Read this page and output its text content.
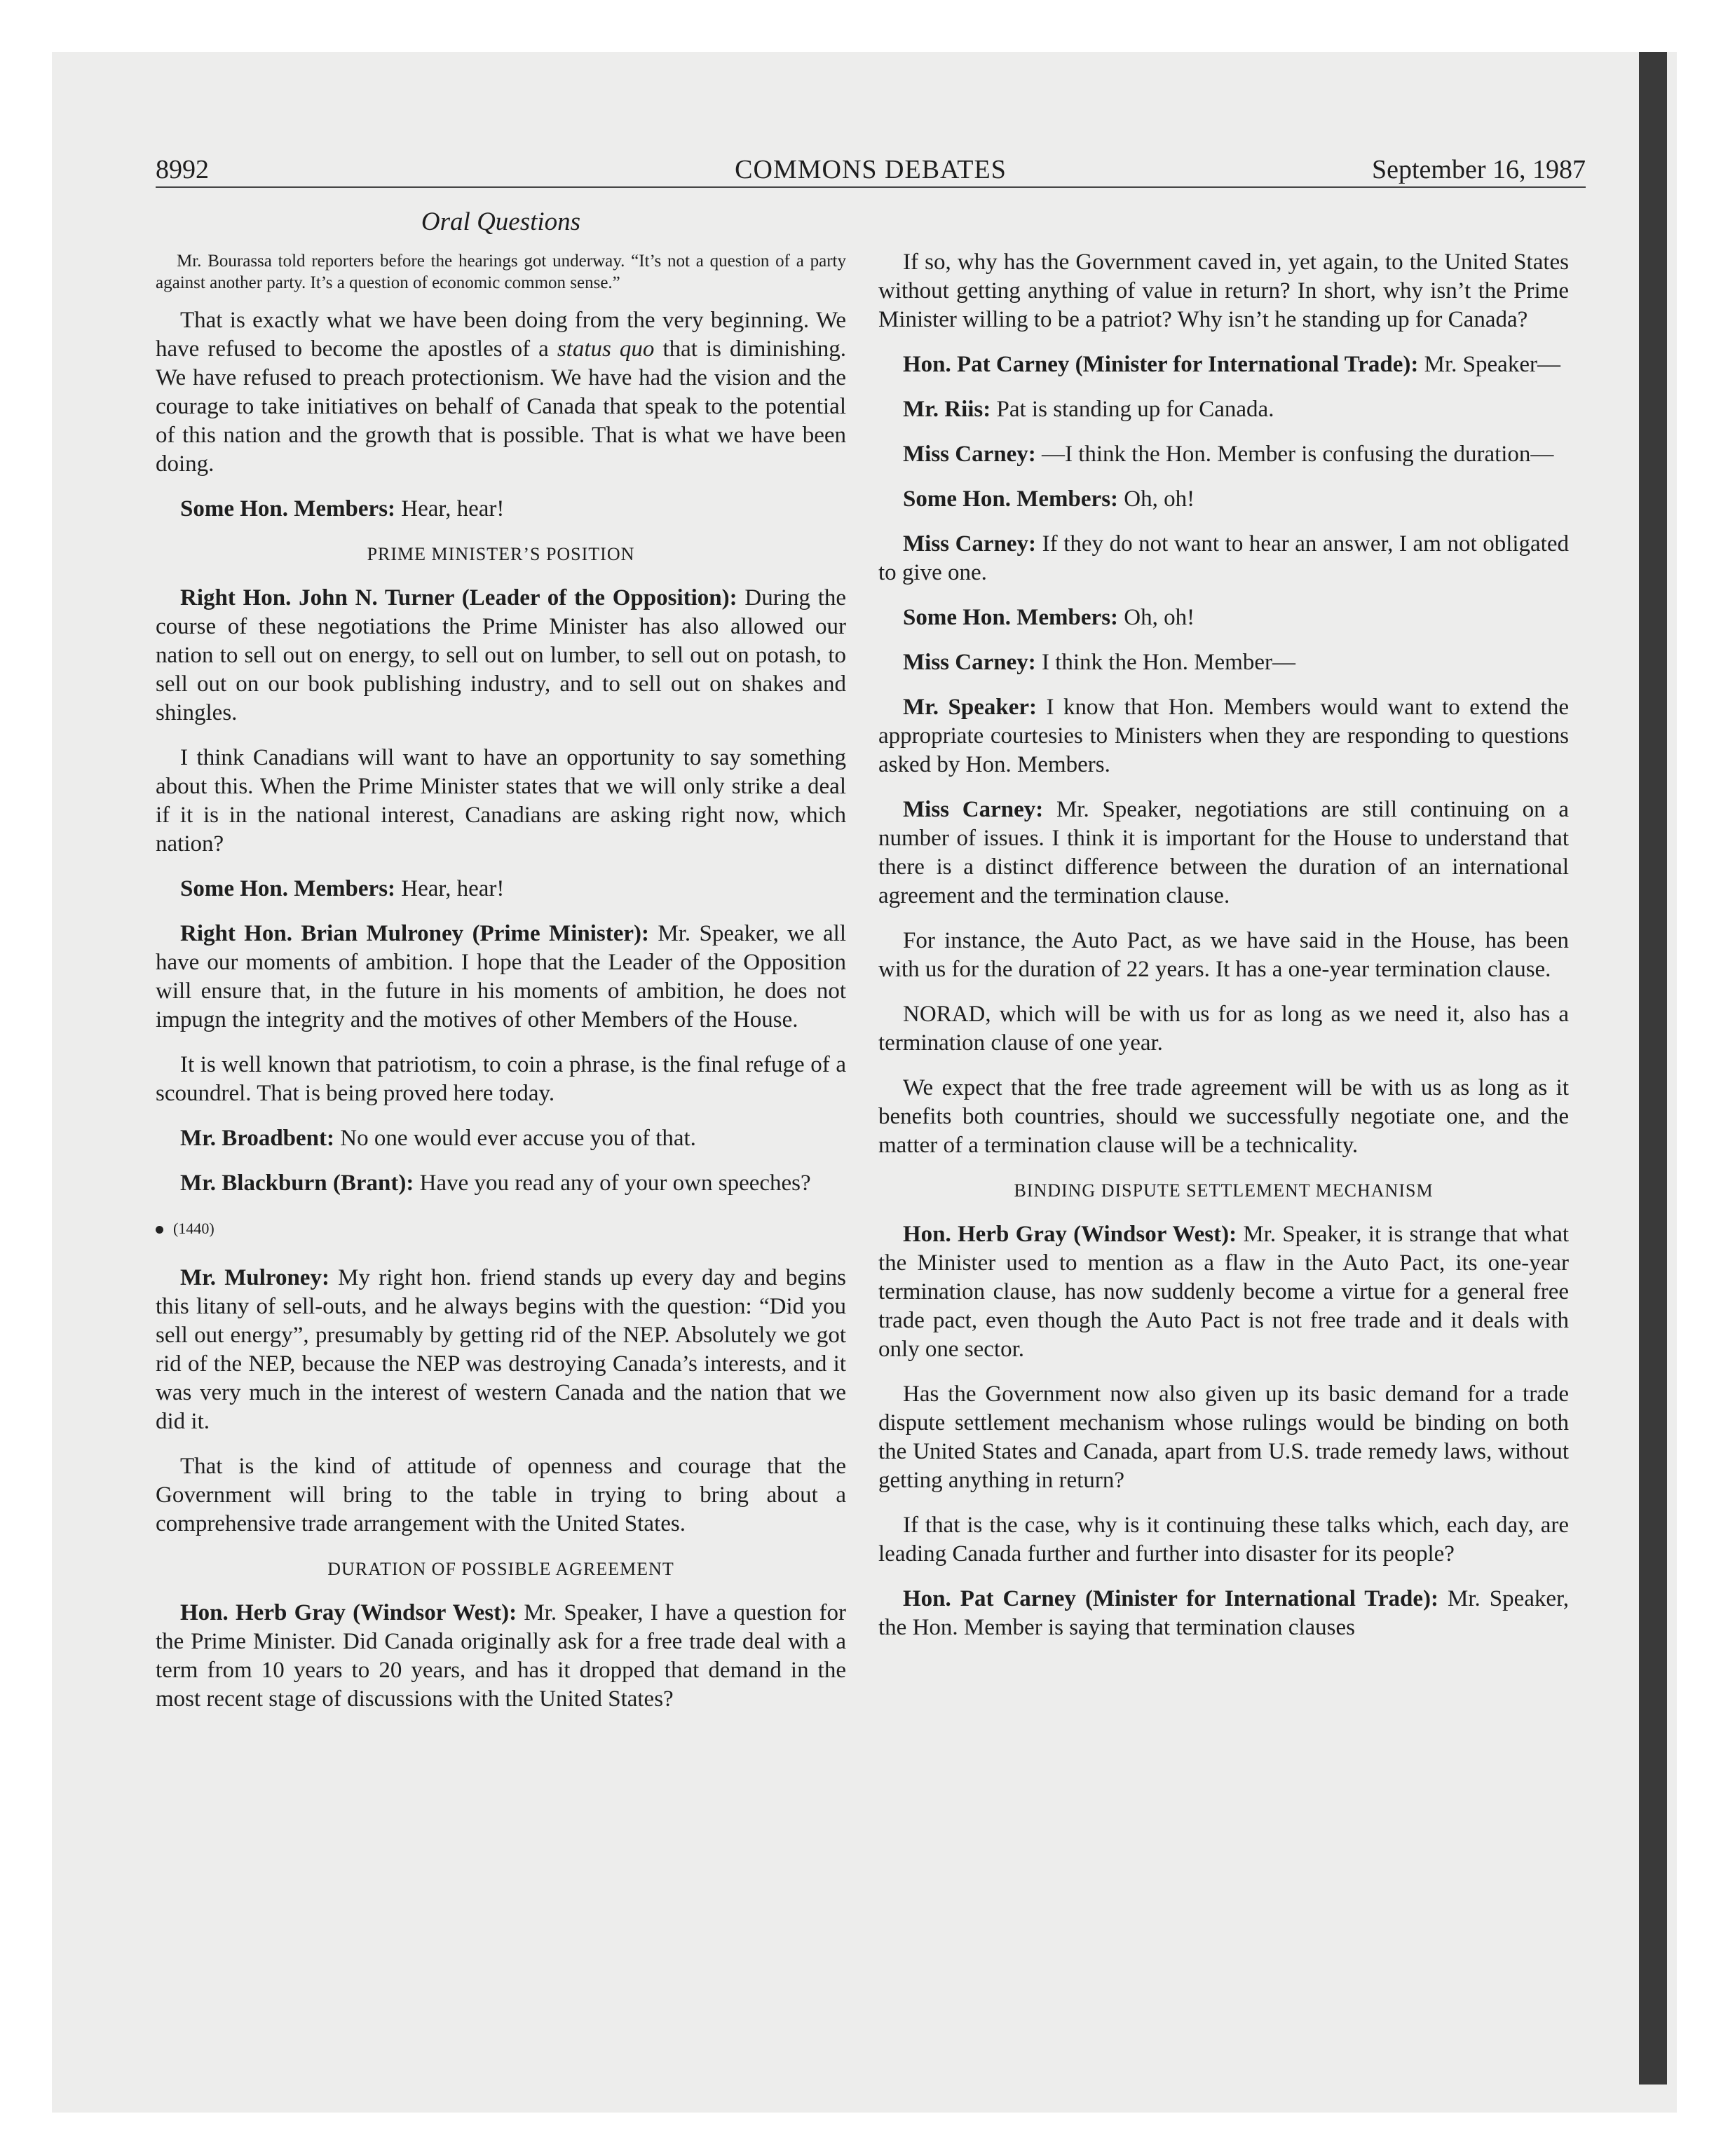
8992	COMMONS DEBATES	September 16, 1987

Oral Questions

Mr. Bourassa told reporters before the hearings got underway. “It’s not a question of a party against another party. It’s a question of economic common sense.”

That is exactly what we have been doing from the very beginning. We have refused to become the apostles of a status quo that is diminishing. We have refused to preach protectionism. We have had the vision and the courage to take initiatives on behalf of Canada that speak to the potential of this nation and the growth that is possible. That is what we have been doing.

Some Hon. Members: Hear, hear!

PRIME MINISTER’S POSITION

Right Hon. John N. Turner (Leader of the Opposition): During the course of these negotiations the Prime Minister has also allowed our nation to sell out on energy, to sell out on lumber, to sell out on potash, to sell out on our book publishing industry, and to sell out on shakes and shingles.

I think Canadians will want to have an opportunity to say something about this. When the Prime Minister states that we will only strike a deal if it is in the national interest, Canadians are asking right now, which nation?

Some Hon. Members: Hear, hear!

Right Hon. Brian Mulroney (Prime Minister): Mr. Speaker, we all have our moments of ambition. I hope that the Leader of the Opposition will ensure that, in the future in his moments of ambition, he does not impugn the integrity and the motives of other Members of the House.

It is well known that patriotism, to coin a phrase, is the final refuge of a scoundrel. That is being proved here today.

Mr. Broadbent: No one would ever accuse you of that.

Mr. Blackburn (Brant): Have you read any of your own speeches?

(1440)

Mr. Mulroney: My right hon. friend stands up every day and begins this litany of sell-outs, and he always begins with the question: “Did you sell out energy”, presumably by getting rid of the NEP. Absolutely we got rid of the NEP, because the NEP was destroying Canada’s interests, and it was very much in the interest of western Canada and the nation that we did it.

That is the kind of attitude of openness and courage that the Government will bring to the table in trying to bring about a comprehensive trade arrangement with the United States.

DURATION OF POSSIBLE AGREEMENT

Hon. Herb Gray (Windsor West): Mr. Speaker, I have a question for the Prime Minister. Did Canada originally ask for a free trade deal with a term from 10 years to 20 years, and has it dropped that demand in the most recent stage of discussions with the United States?

If so, why has the Government caved in, yet again, to the United States without getting anything of value in return? In short, why isn’t the Prime Minister willing to be a patriot? Why isn’t he standing up for Canada?

Hon. Pat Carney (Minister for International Trade): Mr. Speaker—

Mr. Riis: Pat is standing up for Canada.

Miss Carney: —I think the Hon. Member is confusing the duration—

Some Hon. Members: Oh, oh!

Miss Carney: If they do not want to hear an answer, I am not obligated to give one.

Some Hon. Members: Oh, oh!

Miss Carney: I think the Hon. Member—

Mr. Speaker: I know that Hon. Members would want to extend the appropriate courtesies to Ministers when they are responding to questions asked by Hon. Members.

Miss Carney: Mr. Speaker, negotiations are still continuing on a number of issues. I think it is important for the House to understand that there is a distinct difference between the duration of an international agreement and the termination clause.

For instance, the Auto Pact, as we have said in the House, has been with us for the duration of 22 years. It has a one-year termination clause.

NORAD, which will be with us for as long as we need it, also has a termination clause of one year.

We expect that the free trade agreement will be with us as long as it benefits both countries, should we successfully negotiate one, and the matter of a termination clause will be a technicality.

BINDING DISPUTE SETTLEMENT MECHANISM

Hon. Herb Gray (Windsor West): Mr. Speaker, it is strange that what the Minister used to mention as a flaw in the Auto Pact, its one-year termination clause, has now suddenly become a virtue for a general free trade pact, even though the Auto Pact is not free trade and it deals with only one sector.

Has the Government now also given up its basic demand for a trade dispute settlement mechanism whose rulings would be binding on both the United States and Canada, apart from U.S. trade remedy laws, without getting anything in return?

If that is the case, why is it continuing these talks which, each day, are leading Canada further and further into disaster for its people?

Hon. Pat Carney (Minister for International Trade): Mr. Speaker, the Hon. Member is saying that termination clauses
